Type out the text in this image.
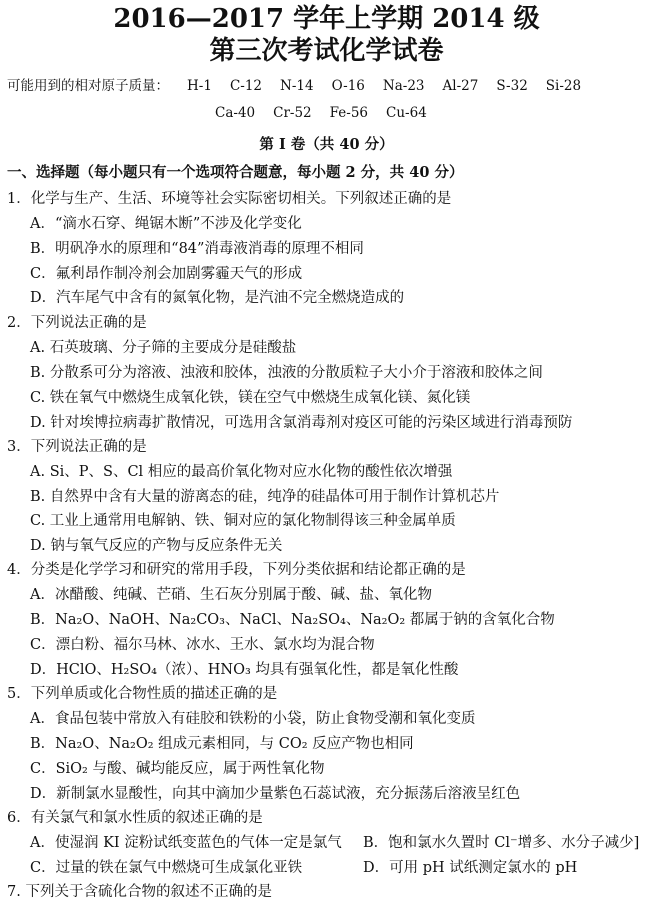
2016—2017 学年上学期 2014 级
第三次考试化学试卷
可能用到的相对原子质量： H-1 C-12 N-14 O-16 Na-23 Al-27 S-32 Si-28
Ca-40 Cr-52 Fe-56 Cu-64
第 I 卷（共 40 分）
一、选择题（每小题只有一个选项符合题意，每小题 2 分，共 40 分）
1．化学与生产、生活、环境等社会实际密切相关。下列叙述正确的是
A．“滴水石穿、绳锯木断”不涉及化学变化
B．明矾净水的原理和“84”消毒液消毒的原理不相同
C．氟利昂作制冷剂会加剧雾霾天气的形成
D．汽车尾气中含有的氮氧化物，是汽油不完全燃烧造成的
2．下列说法正确的是
A. 石英玻璃、分子筛的主要成分是硅酸盐
B. 分散系可分为溶液、浊液和胶体，浊液的分散质粒子大小介于溶液和胶体之间
C. 铁在氧气中燃烧生成氧化铁，镁在空气中燃烧生成氧化镁、氮化镁
D. 针对埃博拉病毒扩散情况，可选用含氯消毒剂对疫区可能的污染区域进行消毒预防
3．下列说法正确的是
A. Si、P、S、Cl 相应的最高价氧化物对应水化物的酸性依次增强
B. 自然界中含有大量的游离态的硅，纯净的硅晶体可用于制作计算机芯片
C. 工业上通常用电解钠、铁、铜对应的氯化物制得该三种金属单质
D. 钠与氧气反应的产物与反应条件无关
4．分类是化学学习和研究的常用手段，下列分类依据和结论都正确的是
A．冰醋酸、纯碱、芒硝、生石灰分别属于酸、碱、盐、氧化物
B．Na₂O、NaOH、Na₂CO₃、NaCl、Na₂SO₄、Na₂O₂ 都属于钠的含氧化合物
C．漂白粉、福尔马林、冰水、王水、氯水均为混合物
D．HClO、H₂SO₄（浓）、HNO₃ 均具有强氧化性，都是氧化性酸
5．下列单质或化合物性质的描述正确的是
A．食品包装中常放入有硅胶和铁粉的小袋，防止食物受潮和氧化变质
B．Na₂O、Na₂O₂ 组成元素相同，与 CO₂ 反应产物也相同
C．SiO₂ 与酸、碱均能反应，属于两性氧化物
D．新制氯水显酸性，向其中滴加少量紫色石蕊试液，充分振荡后溶液呈红色
6．有关氯气和氯水性质的叙述正确的是
A．使湿润 KI 淀粉试纸变蓝色的气体一定是氯气 B．饱和氯水久置时 Cl⁻增多、水分子减少]
C．过量的铁在氯气中燃烧可生成氯化亚铁	D．可用 pH 试纸测定氯水的 pH
7. 下列关于含硫化合物的叙述不正确的是
